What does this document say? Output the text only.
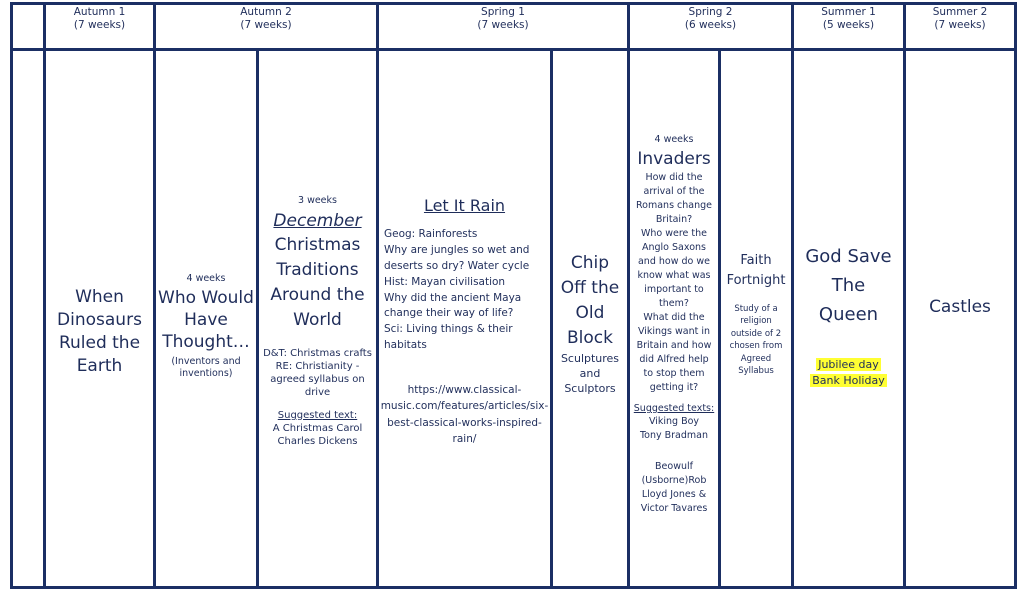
Autumn 1
(7 weeks)
Autumn 2
(7 weeks)
Spring 1
(7 weeks)
Spring 2
(6 weeks)
Summer 1
(5 weeks)
Summer 2
(7 weeks)
When
Dinosaurs
Ruled the
Earth
4 weeks
Who Would
Have
Thought…
(Inventors and
inventions)
3 weeks
December
Christmas
Traditions
Around the
World
D&T: Christmas crafts
RE: Christianity -
agreed syllabus on
drive
Suggested text:
A Christmas Carol
Charles Dickens
Let It Rain
Geog: Rainforests
Why are jungles so wet and
deserts so dry? Water cycle
Hist: Mayan civilisation
Why did the ancient Maya
change their way of life?
Sci: Living things & their
habitats
https://www.classical-
music.com/features/articles/six-
best-classical-works-inspired-
rain/
Chip
Off the
Old
Block
Sculptures
and
Sculptors
4 weeks
Invaders
How did the
arrival of the
Romans change
Britain?
Who were the
Anglo Saxons
and how do we
know what was
important to
them?
What did the
Vikings want in
Britain and how
did Alfred help
to stop them
getting it?
Suggested texts:
Viking Boy
Tony Bradman
Beowulf
(Usborne)Rob
Lloyd Jones &
Victor Tavares
Faith
Fortnight
Study of a
religion
outside of 2
chosen from
Agreed
Syllabus
God Save
The
Queen
Jubilee day
Bank Holiday
Castles
